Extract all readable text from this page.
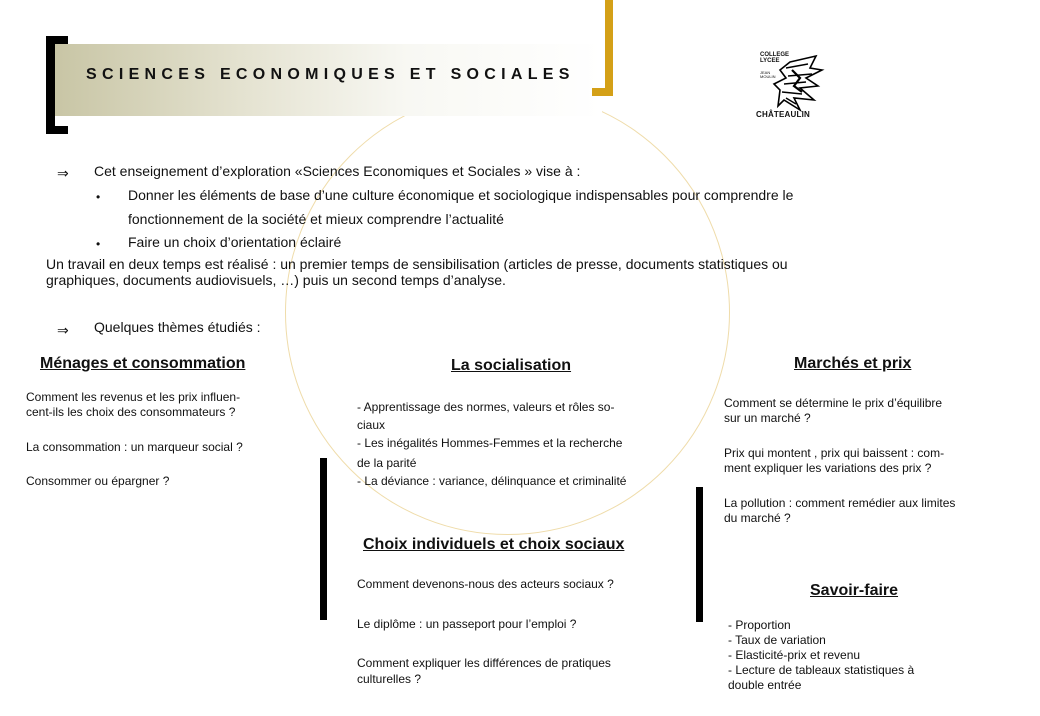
SCIENCES ECONOMIQUES ET SOCIALES
COLLEGE
LYCEE
JEAN
MOULIN
CHÂTEAULIN
⇒ Cet enseignement d’exploration «Sciences Economiques et Sociales » vise à :
• Donner les éléments de base d’une culture économique et sociologique indispensables pour comprendre le
fonctionnement de la société et mieux comprendre l’actualité
• Faire un choix d’orientation éclairé
Un travail en deux temps est réalisé : un premier temps de sensibilisation (articles de presse, documents statistiques ou
graphiques, documents audiovisuels, …) puis un second temps d’analyse.
⇒ Quelques thèmes étudiés :
Ménages et consommation
Comment les revenus et les prix influen-
cent-ils les choix des consommateurs ?
La consommation : un marqueur social ?
Consommer ou épargner ?
La socialisation
- Apprentissage des normes, valeurs et rôles so-
ciaux
- Les inégalités Hommes-Femmes et la recherche
de la parité
- La déviance : variance, délinquance et criminalité
Choix individuels et choix sociaux
Comment devenons-nous des acteurs sociaux ?
Le diplôme : un passeport pour l’emploi ?
Comment expliquer les différences de pratiques
culturelles ?
Marchés et prix
Comment se détermine le prix d’équilibre
sur un marché ?
Prix qui montent , prix qui baissent : com-
ment expliquer les variations des prix ?
La pollution : comment remédier aux limites
du marché ?
Savoir-faire
- Proportion
- Taux de variation
- Elasticité-prix et revenu
- Lecture de tableaux statistiques à
double entrée
